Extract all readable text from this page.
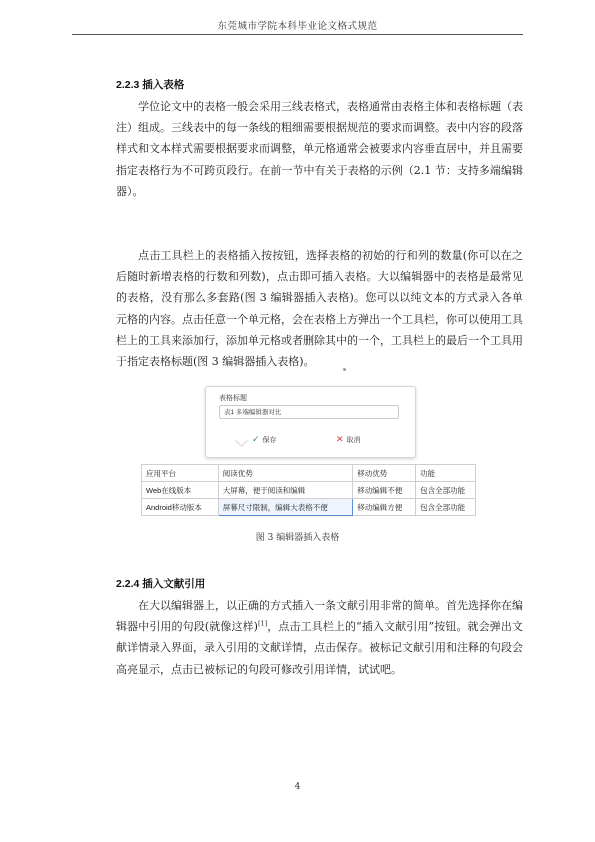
东莞城市学院本科毕业论文格式规范
2.2.3 插入表格

学位论文中的表格一般会采用三线表格式，表格通常由表格主体和表格标题（表注）组成。三线表中的每一条线的粗细需要根据规范的要求而调整。表中内容的段落样式和文本样式需要根据要求而调整，单元格通常会被要求内容垂直居中，并且需要指定表格行为不可跨页段行。在前一节中有关于表格的示例（2.1 节：支持多端编辑器）。

点击工具栏上的表格插入按按钮，选择表格的初始的行和列的数量(你可以在之后随时新增表格的行数和列数)，点击即可插入表格。大以编辑器中的表格是最常见的表格，没有那么多套路(图 3 编辑器插入表格)。您可以以纯文本的方式录入各单元格的内容。点击任意一个单元格，会在表格上方弹出一个工具栏，你可以使用工具栏上的工具来添加行，添加单元格或者删除其中的一个，工具栏上的最后一个工具用于指定表格标题(图 3 编辑器插入表格)。

表格标题
表1 多端编辑器对比
✓ 保存	✕ 取消
应用平台	阅读优势	移动优势	功能
Web在线版本	大屏幕，便于阅读和编辑	移动编辑不便	包含全部功能
Android移动版本	屏幕尺寸限制，编辑大表格不便	移动编辑方便	包含全部功能
图 3 编辑器插入表格
2.2.4 插入文献引用

在大以编辑器上，以正确的方式插入一条文献引用非常的简单。首先选择你在编辑器中引用的句段(就像这样)[1]，点击工具栏上的“插入文献引用”按钮。就会弹出文献详情录入界面，录入引用的文献详情，点击保存。被标记文献引用和注释的句段会高亮显示，点击已被标记的句段可修改引用详情，试试吧。

4
